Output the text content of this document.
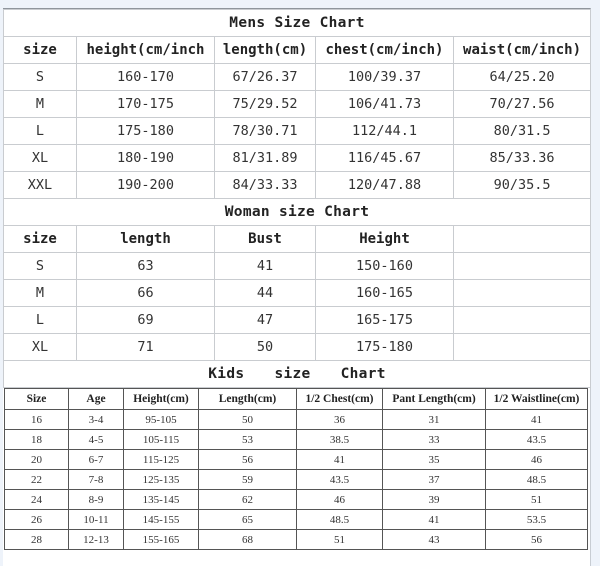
Mens Size Chart				
size	height(cm/inch	length(cm)	chest(cm/inch)	waist(cm/inch)
S	160-170	67/26.37	100/39.37	64/25.20
M	170-175	75/29.52	106/41.73	70/27.56
L	175-180	78/30.71	112/44.1	80/31.5
XL	180-190	81/31.89	116/45.67	85/33.36
XXL	190-200	84/33.33	120/47.88	90/35.5
Woman size Chart				
size	length	Bust	Height	
S	63	41	150-160	
M	66	44	160-165	
L	69	47	165-175	
XL	71	50	175-180	
Kids  size  Chart				
Size	Age	Height(cm)	Length(cm)	1/2 Chest(cm)	Pant Length(cm)	1/2 Waistline(cm)
16	3-4	95-105	50	36	31	41
18	4-5	105-115	53	38.5	33	43.5
20	6-7	115-125	56	41	35	46
22	7-8	125-135	59	43.5	37	48.5
24	8-9	135-145	62	46	39	51
26	10-11	145-155	65	48.5	41	53.5
28	12-13	155-165	68	51	43	56
